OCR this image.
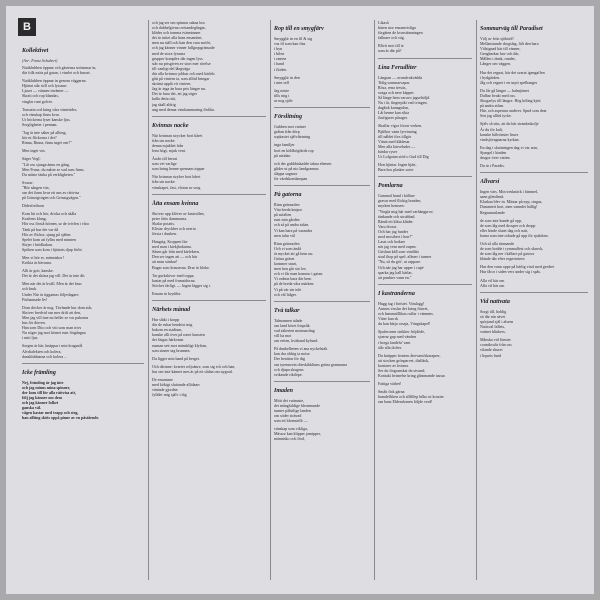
B
Kollektivet
(Arr: Franz Schubert)
Nattklubben öppnar och gästerna strömmar in,
där folk möts på gatan, i vimlet och bruset.
Nattklubben öppnar in genom väggarna.
Hjärtat står still och lyssnar:
Ljuset — vännen invänter —
Skratt och rop blandas,
vinglar runt golvet.
Tonsatta ord kring våra väntetider,
och vänskap finns kvar.
Ur böckerna lyser kanske ljus.
Sorgligheter i pennan.
"Jag är inte säker på allting,
hör ni flickorna i det?
Rinna, Rinna, finns inget om?"
Men inget vin.
Säger Vogl:
"Låt oss sjunga ännu en gång,
Men Franz, du måste se vad som finns.
Du måste tänka på verkligheten."
Svarar:
"Hör sången väx,
om det finns kvar ett uns av rättvisa
på Grinzigvägen och Grinzigvägen."
Diderfreihorn
Kom hit och hör, dricka och skåla
Kraftens klang,
Hör oss förstå hörnen, ur de tvivlen i våra
Tänk på hur det var då
Hör av flickor, sjung på själen:
Spelet kom att fyllas med minnen
Sörjer i brödkakan.
Spöken som kom i hjärtats djup förbi.
Men vi hör er, människor!
Krökta är hävarna.
Allt är gott, kanske.
Det är det sköna jag vill. Det är inte dit.
Men när det är kväll. Men är det brus
och bruk.
Under När är tiggarnas följeslagare.
Förbannade liv!
Dom dricker är nog. Tävlande hur dom står,
Skriver bredvid om mer drift att den,
Men jag vill inte nu heller se var pukorna
hus för dörren.
Han som Dito och vitt som man trivs
Nu stiger jag mot hörnet runt förgångna
i mitt ljus.
Sorgen är här, knäppar i min kragsnål.
Alvdialekten och kolera,
dansklubbarna och kolera ...
Icke främling
Nej, främling är jag inte
och jag minns mina spinner,
der kom till för alla rättvisa att,
följ jag känner om dem
och jag känner folket
ganska väl.
vågen kastar med trapp och steg,
han allting sköts oppå pinne av en påstående.
och jag ser om spinnar sakna hos
och dubbelgivna ovetandegångar,
klädes och tomma tvärminnen
det är intiet alla hans ensamhet,
men nu ställ och kan den vara snöfri,
och jag känner vinner fallgropgränsade
med de stora fyrarna
grupper komplex där ingen lyss
står nu prisgiven av stort mer rörelse
till vanligt del långväga
där alla kvinnor jobbar och med kärlek:
gått på vintern ta, som alltid bringar
skrämt uppåt vit vintern.
Jag är inga än bara pris längre nu.
Det är bara det, att jag säger
kalla detta rätt,
jag skall aldrig
ung med denna vinskammaring förlåta.
Kvinnas nacke
När kvinnan strycker bort håret
från sin nacke:
denna mjukhet från
lena högt, mjuk vent.
Ärrån till herrat
som vet varlige
som bring henne spensam toppar
När kvinnan stryker bort håret
från sin nacke:
vänskapet, fast, vlotan av sorg
Åtta ensam kvinna
Skrivar upp klöver av kastrullen,
peter åttio dammarna.
Skalar potatis.
Klistar dryckber och averta
första i dunken.
Hungrig. Kroppen lite
med man i kiekjbokarna.
Såsen går från med kärlekern.
Den ser ingen att — och här
att mun stinkar!
Bugar som krasserna. Drar är kloke.
Tar gurkskivor med toppa,
kastar på med framsidorna.
Stöcker färligt. — Ingen lägger sig i.
Ensam är kryddor.
Närhets månad
Hur släkt i kropp
där de rubar hendrist mig
bakom en stadium,
kanske allt över på ronet kunsten
det färgas härkomst
runnan sett mot mänskligt klyftan,
som sinner tag brunnen.
Du ligger min hand på berget.
Och därinne: kvarter roljoänre, som sig två och han,
hur om inte kännet mes är på ett sådan om nygrad.
De ensamme
med kökigt sluttande allidaarr
väntade gjordne
fyllder mig själv i dig
Rop till en smygfärv
Smygglir in en fil & sig
vas fil som kan fins
i byn
i bilen
i ramen
i hand
i floden
Smygglir in den
i min sell
Jag miste
tills mig i
ur nog själv
Förslitning
Gubben mot vattnet
gråtan från dörp
sopkastet självfärtning
inga familjer
bort en köldhögfärds rop
på utsidan
och der gubbbiskadde takna elemen
glider ut på nio landgrannas
släppa sugmor
för värdskomlampan
På gatorna
Rinn gräsmolen
Vita breda knipor
på asfalten
runt min gården
och så på andra sidan.
Vi kan bara på varandra
men talar väl
Rinn gräsmolen
Och vi som ändå
ät mycket att gå hem nu.
Gröna gräset
kommer snart,
men hon går sin lov,
och vi får man kommo i gatan.
Vi ordnas bara där hem
på de breda våra märken:
Vi på vär sin tule
och väl lidger.
Två talkar
Talmannen talade
om land köret frispråk
vad säkerten motmarrång
vill ha mot
om eriten, kväkand kyfund.
På dunkelheten vi ana nyckelstäk
kan dra aldrig ta noise.
Der berättar för dig
om tyrenmvin obeskikkliuns gröna grannarna
och djupa skogens
svikande riktlöpe.
Imaden
Mitti det vattnaste,
det mångfaldige bleurmunde
tunner pålutlige landen
om söder strävad
som ett blomstellt —
vänskap som vikliga,
Mässor kan klipper jamipper,
människo och förd,
Likaså
bären stor ensamvisliga
förgäten de kvarstämningen
fallnare och väg.
Blivit mot till te
som är där på?
Lina Ferudliter
Längtan — avundvakvädda
Tidig sommarvapar.
Rösa, rena trestis,
svaga och nere käpper.
Så länge hem varuvo jagsehöljd.
Nu i år, fingerpikt vad tvingen,
dagbok kunagsdan,
Låt henne kan rikta
Jusfigurer pårager.
Skaffar vigor förrar verken.
Bjällror vann fyrvisning
till nåldet förs tillgör
Vänta med klädesar
Men alla kärveluder —
bärdar ryser
Ur Lofgatan stöd o Gud till Dig
Hon hjärtar. Ingen hjärt,
Bara hos plasker sorte
Pomlarna
Gammal hund i källare
gravar med flickig bonden,
myrken hemsen:
"Vingla mig här med varhängprov,
tänkande och utrubbad.
Rändt ett kläsa kläder.
Varu drosst.
Och har jag funder
mod mosibert i hon?"
Lasst och bodare
när jag vem med oupen.
Grishan käll som vindfätt
strul ihop på spel: allmer i tarmer
"Nu, så du gör', ut rappare.
Och när jag har upper i cupé
sparka jag kall härlar,
att punkter vann en."
I kastranderna
Hugg tag i bröstet. Vinslagg!
Annars visslar det kring föstret,
och hammalflikas ruffar i vännens.
Väter kan sk
du kan bärja orsaja, Vängskapel!
Sjuderonen strikker fröjdöde,
sjuerar gap med vänden
i brega landelu' vant
slår alla dofter.
Du knäpper fronten återvarufskaraprer,
att stocken grönparvet, dialläsk,
kontarer av kvinna.
Ser du förgranskat du stvand;
Kontakt hvimelse kring glimmande tassar.
Fattiga vädret!
Smått fick gärna
hamdelfiken och allfillep bilko ni kraxter
om hans Eldendomen följde verd!
Sommarväg till Paradiset
Välj av frön sjökörd!
Mellanstunde drogslag, fält den bara
Välsignad här till vänner,
Gengbarkar hav och där,
Mållen i dunk, rundet,
Långer om väggen.
Hur det regnat, här det svarat igengaffen
i bydgården.
Jåg och regnet i en snytt spelbanger
Du får gå längre — hahnjärnet
Dalbar bvakt med oss.
Skogarlys till längre. Hög köling kjett
på andra sidan.
Här, och aspenrar andtver. Spnd som dear
Sen jag alltid tycke.
Själv så stin, att du här strandaskolje
Är du för kalt,
kanske hålvönster lisser
vindsjövagnarna kyrkan.
En dag i skattningen dag vi var arm,
Sjungel i kinden
drugor över vatten.
Du är i Paradis.
Allvarsi
Ingen värs. Min tresknäck i himmel,
sann glimlinsk
Klarkaa blev in. Mästar på nyp, ringas,
Dammtett hort, men vanndet hällig!
Regnsmutlande
de som inte kunde gå opp,
de som låg med drosper och dropp
eller bärde slutet dag och natt,
barna som inte orkade gå upp för sjukdom.
Och så alla tärnsande
de som bodde i rymmalfest och skruvk,
de som låg ner i källare på gastror
blände där efter regnvintern
Hur den vann oppe på härlig viral med gerdret
Hur fåror i siden vers under sig i spås.
Alla vil här om
Alla vil här om
Vid nattvata
Sorgt till, hoblig
sit där när sävet
spörjand själ i alsens
Nattsval fallets,
vattnet blinkers.
Månska vid fönster
countkvalir från oss
vilande skuret
i liquets fund
